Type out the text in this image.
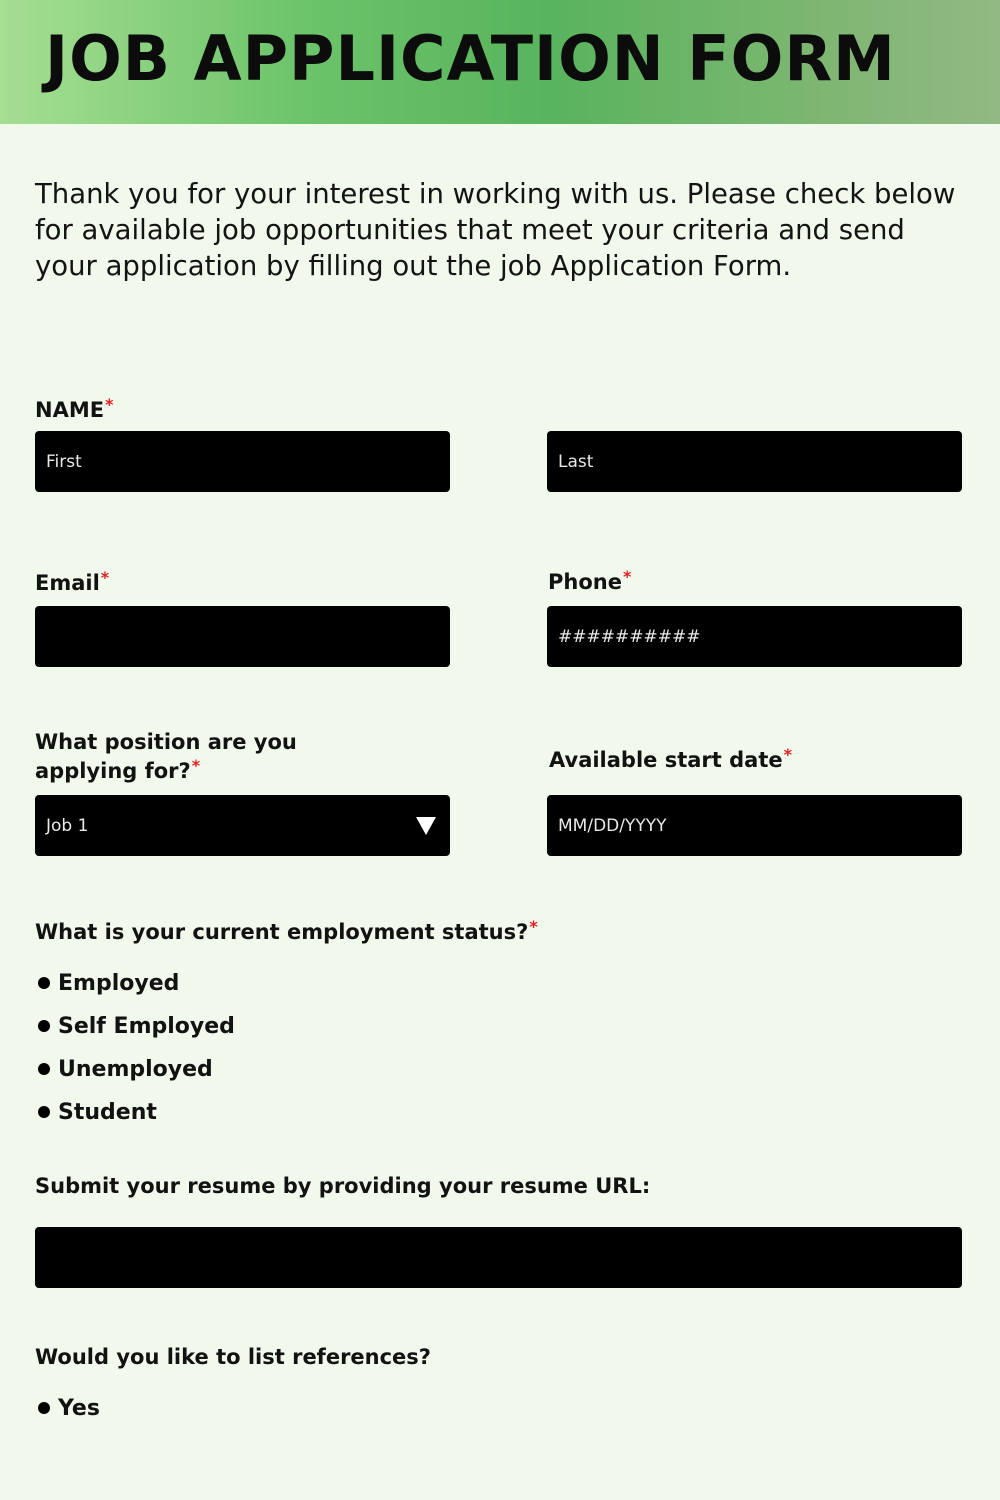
JOB APPLICATION FORM
Thank you for your interest in working with us. Please check below for available job opportunities that meet your criteria and send your application by filling out the job Application Form.
NAME*
First	Last
Email*	Phone*
##########
What position are you
applying for?*
Job 1
Available start date*
MM/DD/YYYY
What is your current employment status?*
Employed
Self Employed
Unemployed
Student
Submit your resume by providing your resume URL:
Would you like to list references?
Yes
